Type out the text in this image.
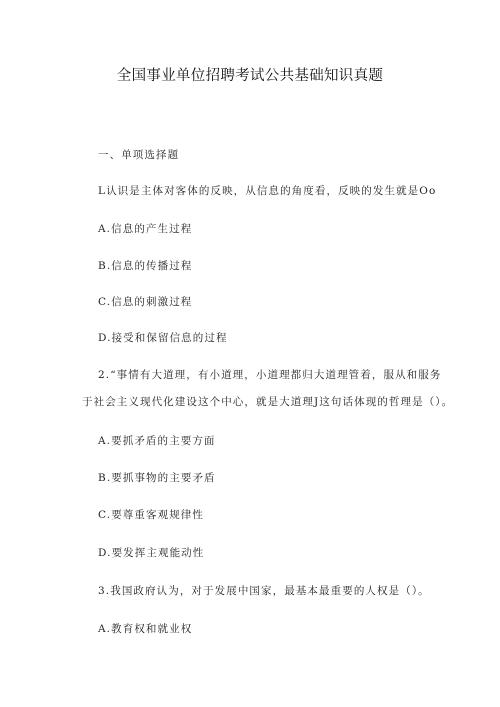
全国事业单位招聘考试公共基础知识真题
一、单项选择题
L认识是主体对客体的反映，从信息的角度看，反映的发生就是Oo
A.信息的产生过程
B.信息的传播过程
C.信息的刺激过程
D.接受和保留信息的过程
2.“事情有大道理，有小道理，小道理都归大道理管着，服从和服务
于社会主义现代化建设这个中心，就是大道理J这句话体现的哲理是（）。
A.要抓矛盾的主要方面
B.要抓事物的主要矛盾
C.要尊重客观规律性
D.要发挥主观能动性
3.我国政府认为，对于发展中国家，最基本最重要的人权是（）。
A.教育权和就业权
